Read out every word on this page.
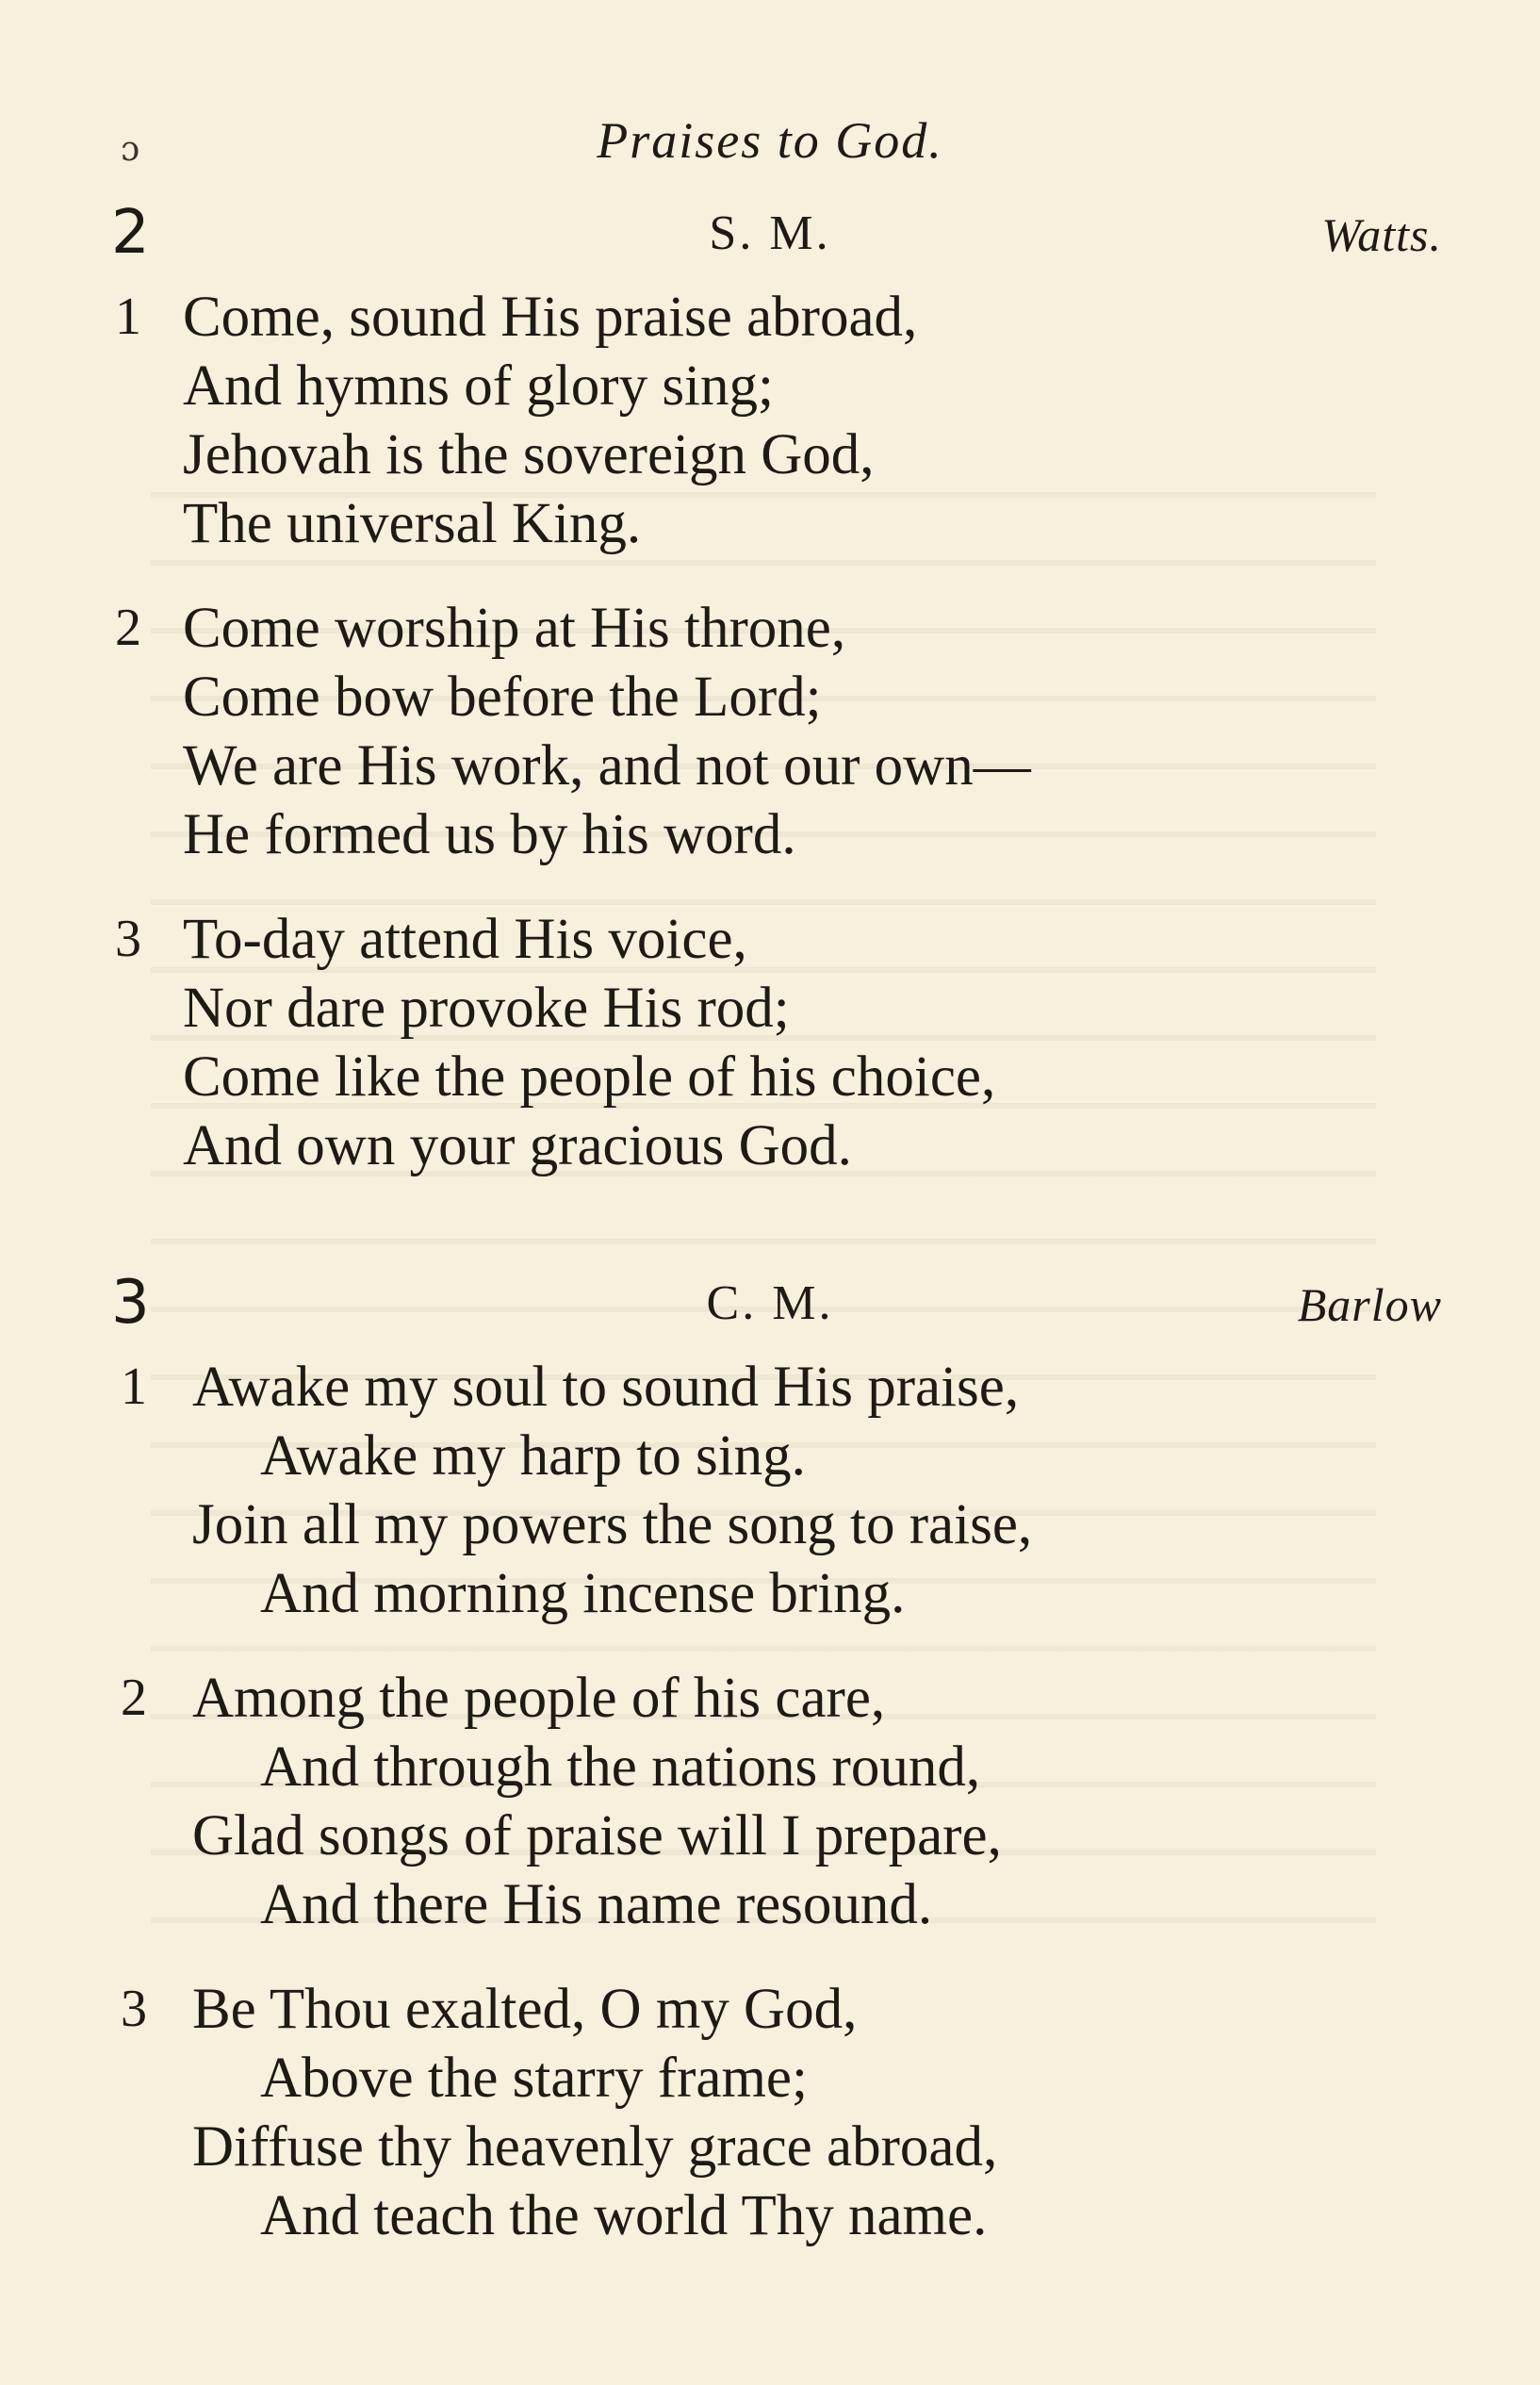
ɔ	Praises to God.
2	S. M.	Watts.
1 Come, sound His praise abroad,
And hymns of glory sing;
Jehovah is the sovereign God,
The universal King.
2 Come worship at His throne,
Come bow before the Lord;
We are His work, and not our own—
He formed us by his word.
3 To-day attend His voice,
Nor dare provoke His rod;
Come like the people of his choice,
And own your gracious God.
3	C. M.	Barlow
1 Awake my soul to sound His praise,
Awake my harp to sing.
Join all my powers the song to raise,
And morning incense bring.
2 Among the people of his care,
And through the nations round,
Glad songs of praise will I prepare,
And there His name resound.
3 Be Thou exalted, O my God,
Above the starry frame;
Diffuse thy heavenly grace abroad,
And teach the world Thy name.
